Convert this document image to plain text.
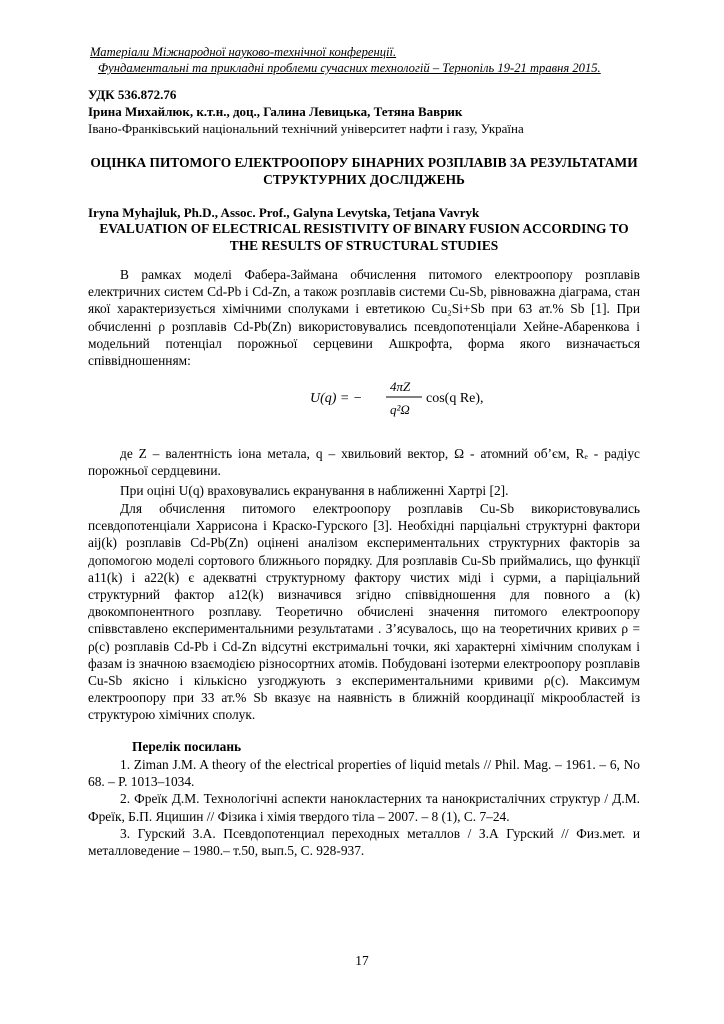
Матеріали Міжнародної науково-технічної конференції.
Фундаментальні та прикладні проблеми сучасних технологій – Тернопіль 19-21 травня 2015.
УДК 536.872.76
Ірина Михайлюк, к.т.н., доц., Галина Левицька, Тетяна Вaврик
Івано-Франківський національний технічний університет нафти і газу, Україна
ОЦІНКА ПИТОМОГО ЕЛЕКТРООПОРУ БІНАРНИХ РОЗПЛАВІВ ЗА РЕЗУЛЬТАТАМИ СТРУКТУРНИХ ДОСЛІДЖЕНЬ
Iryna Myhajluk, Ph.D., Assoc. Prof., Galyna Levytska, Tetjana Vavryk
EVALUATION OF ELECTRICAL RESISTIVITY OF BINARY FUSION ACCORDING TO THE RESULTS OF STRUCTURAL STUDIES
В рамках моделі Фабера-Займана обчислення питомого електроопору розплавів електричних систем Cd-Pb і Cd-Zn, а також розплавів системи Cu-Sb, рівноважна діаграма, стан якої характеризується хімічними сполуками і евтетикою Cu₂Si+Sb при 63 ат.% Sb [1]. При обчисленні ρ розплавів Cd-Pb(Zn) використовувались псевдопотенціали Хейне-Абаренкова і модельний потенціал порожньої серцевини Ашкрофта, форма якого визначається співвідношенням:
U(q) = −
4πZ
q²Ω
cos(q Re),
де Z – валентність іона метала, q – хвильовий вектор, Ω - атомний об’єм, Rₑ - радіус порожньої сердцевини.
При оціні U(q) враховувались екранування в наближенні Хартрі [2].
Для обчислення питомого електроопору розплавів Cu-Sb використовувались псевдопотенціали Харрисона і Краско-Гурского [3]. Необхідні парціальні структурні фактори aij(k) розплавів Cd-Pb(Zn) оцінені аналізом експериментальних структурних факторів за допомогою моделі сортового ближнього порядку. Для розплавів Cu-Sb приймались, що функції a11(k) і a22(k) є адекватні структурному фактору чистих міді і сурми, а паріціальний структурний фактор a12(k) визначився згідно співвідношення для повного a (k) двокомпонентного розплаву. Теоретично обчислені значення питомого електроопору співвставлено експериментальними результатами . З’ясувалось, що на теоретичних кривих ρ = ρ(c) розплавів Cd-Pb і Cd-Zn відсутні екстримальні точки, які характерні хімічним сполукам і фазам із значною взаємодією різносортних атомів. Побудовані ізотерми електроопору розплавів Cu-Sb якісно і кількісно узгоджують з експериментальними кривими ρ(c). Максимум електроопору при 33 ат.% Sb вказує на наявність в ближній координації мікрообластей із структурою хімічних сполук.
Перелік посилань
1. Ziman J.M. A theory of the electrical properties of liquid metals // Phil. Mag. – 1961. – 6, No 68. – P. 1013–1034.
2. Фреїк Д.М. Технологічні аспекти нанокластерних та нанокристалічних структур / Д.М. Фреїк, Б.П. Яцишин // Фізика і хімія твердого тіла – 2007. – 8 (1), С. 7–24.
3. Гурский З.А. Псевдопотенциал переходных металлов / З.А Гурский // Физ.мет. и металловедение – 1980.– т.50, вып.5, С. 928-937.
17
